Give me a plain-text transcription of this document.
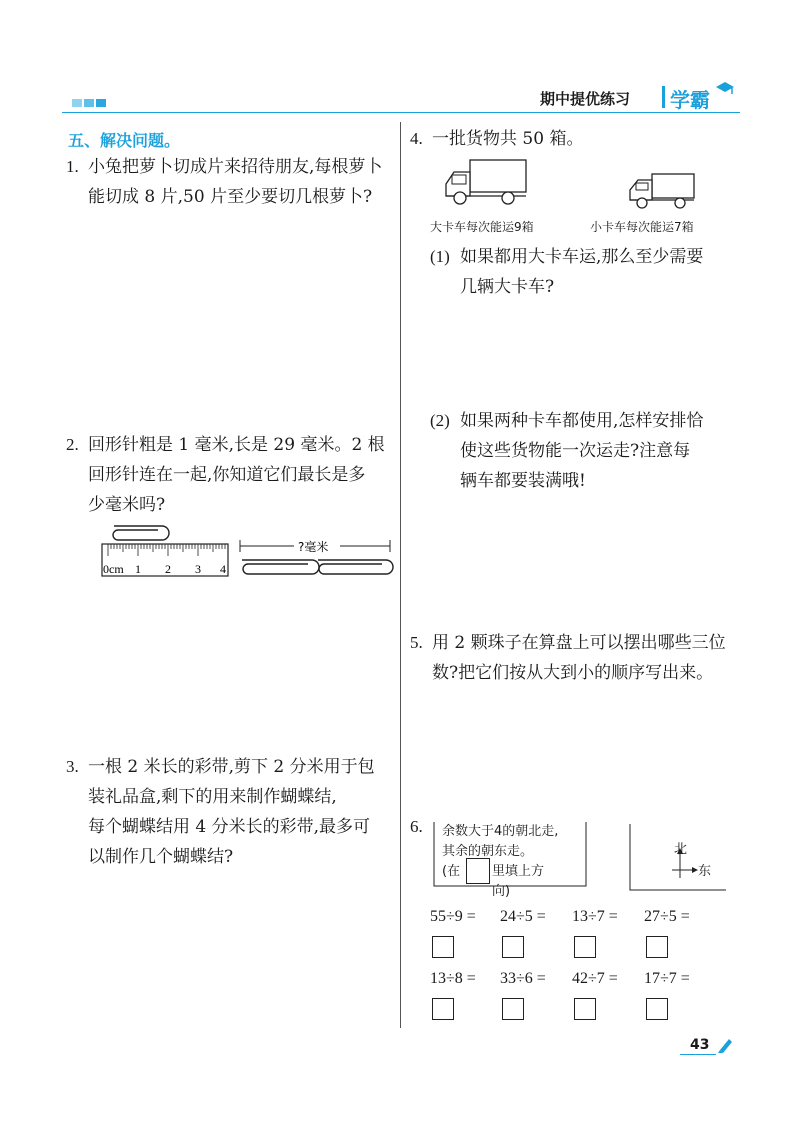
期中提优练习 学霸
五、解决问题。
1. 小兔把萝卜切成片来招待朋友,每根萝卜
能切成 8 片,50 片至少要切几根萝卜?
2. 回形针粗是 1 毫米,长是 29 毫米。2 根
回形针连在一起,你知道它们最长是多
少毫米吗?
0cm 1 2 3 4
?毫米
3. 一根 2 米长的彩带,剪下 2 分米用于包
装礼品盒,剩下的用来制作蝴蝶结,
每个蝴蝶结用 4 分米长的彩带,最多可
以制作几个蝴蝶结?
4. 一批货物共 50 箱。
大卡车每次能运9箱	小卡车每次能运7箱
(1) 如果都用大卡车运,那么至少需要
几辆大卡车?
(2) 如果两种卡车都使用,怎样安排恰
使这些货物能一次运走?注意每
辆车都要装满哦!
5. 用 2 颗珠子在算盘上可以摆出哪些三位
数?把它们按从大到小的顺序写出来。
6. 余数大于4的朝北走,
其余的朝东走。
(在 里填上方向)
北
东
55÷9 = 24÷5 = 13÷7 = 27÷5 =
13÷8 = 33÷6 = 42÷7 = 17÷7 =
43
